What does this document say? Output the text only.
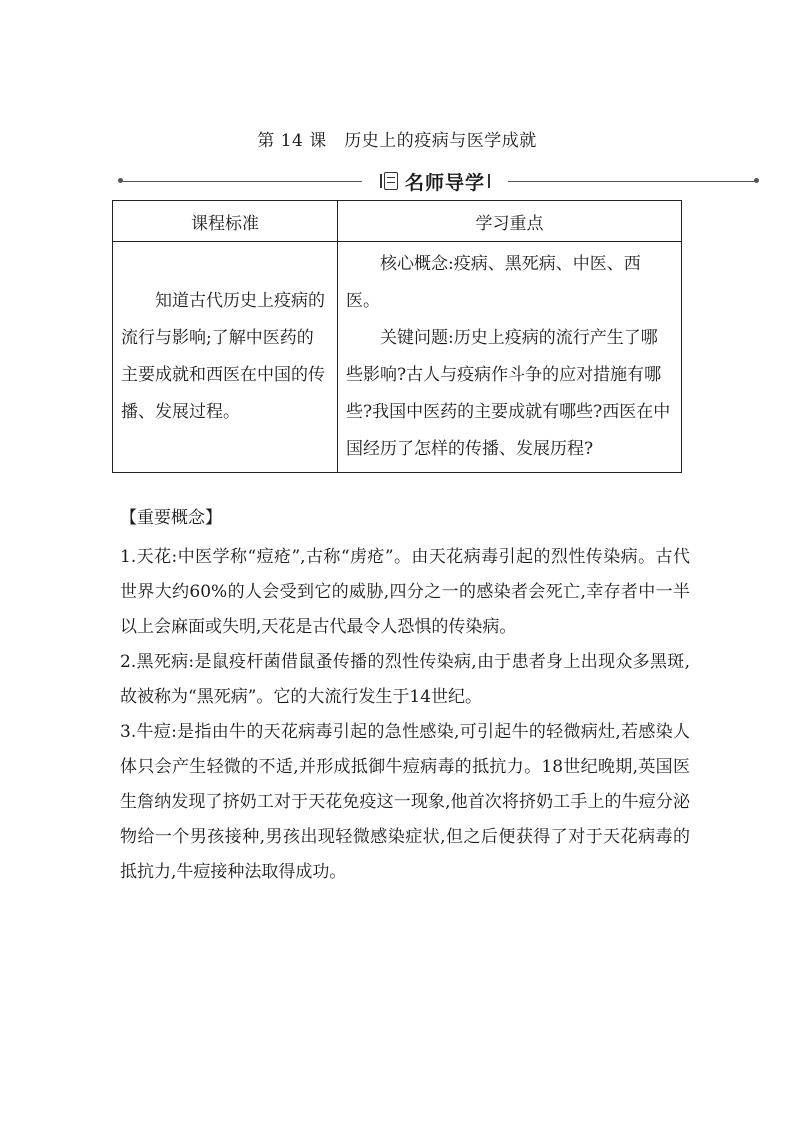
第 14 课　历史上的疫病与医学成就
名师导学
课程标准	学习重点
知道古代历史上疫病的流行与影响;了解中医药的主要成就和西医在中国的传播、发展过程。	核心概念:疫病、黑死病、中医、西医。

关键问题:历史上疫病的流行产生了哪些影响?古人与疫病作斗争的应对措施有哪些?我国中医药的主要成就有哪些?西医在中国经历了怎样的传播、发展历程?

【重要概念】

1.天花:中医学称“痘疮”,古称“虏疮”。由天花病毒引起的烈性传染病。古代世界大约60%的人会受到它的威胁,四分之一的感染者会死亡,幸存者中一半以上会麻面或失明,天花是古代最令人恐惧的传染病。

2.黑死病:是鼠疫杆菌借鼠蚤传播的烈性传染病,由于患者身上出现众多黑斑,故被称为“黑死病”。它的大流行发生于14世纪。

3.牛痘:是指由牛的天花病毒引起的急性感染,可引起牛的轻微病灶,若感染人体只会产生轻微的不适,并形成抵御牛痘病毒的抵抗力。18世纪晚期,英国医生詹纳发现了挤奶工对于天花免疫这一现象,他首次将挤奶工手上的牛痘分泌物给一个男孩接种,男孩出现轻微感染症状,但之后便获得了对于天花病毒的抵抗力,牛痘接种法取得成功。
